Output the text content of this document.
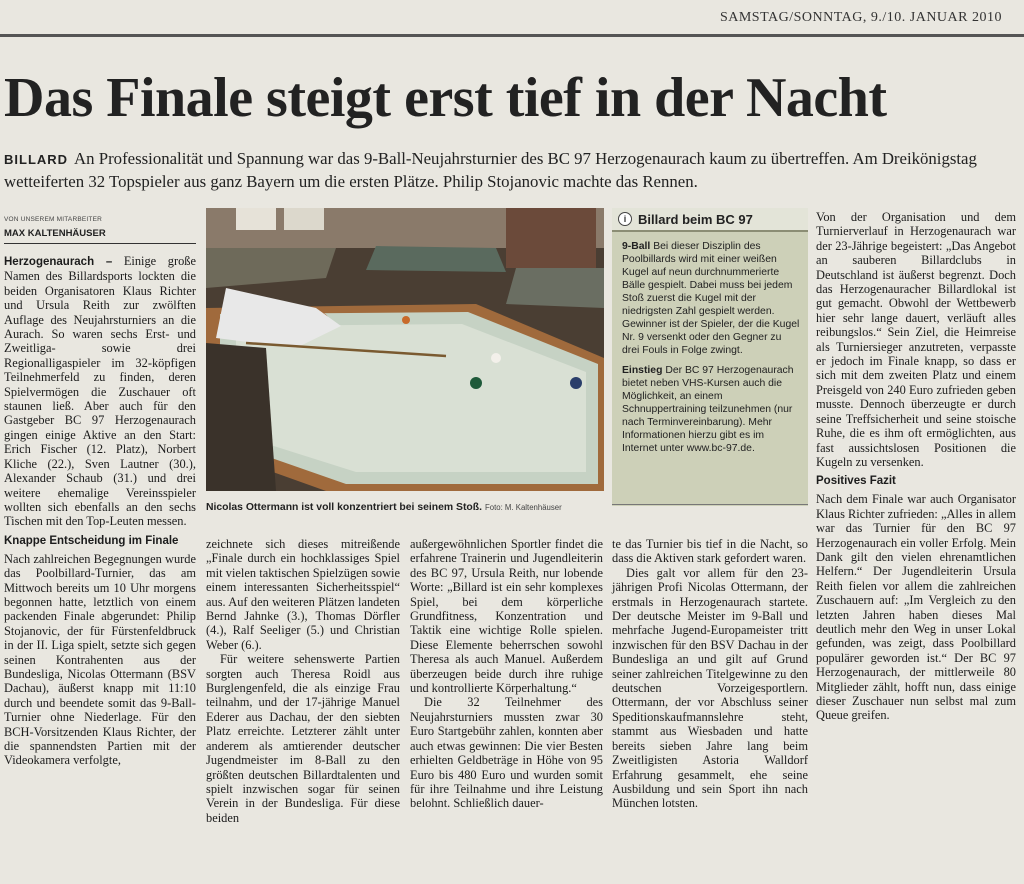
SAMSTAG/SONNTAG, 9./10. JANUAR 2010
Das Finale steigt erst tief in der Nacht
BILLARD An Professionalität und Spannung war das 9-Ball-Neujahrsturnier des BC 97 Herzogenaurach kaum zu übertreffen. Am Dreikönigstag wetteiferten 32 Topspieler aus ganz Bayern um die ersten Plätze. Philip Stojanovic machte das Rennen.
VON UNSEREM MITARBEITER
MAX KALTENHÄUSER

Herzogenaurach – Einige große Namen des Billardsports lockten die beiden Organisatoren Klaus Richter und Ursula Reith zur zwölften Auflage des Neujahrsturniers an die Aurach. So waren sechs Erst- und Zweitliga- sowie drei Regionalligaspieler im 32-köpfigen Teilnehmerfeld zu finden, deren Spielvermögen die Zuschauer oft staunen ließ. Aber auch für den Gastgeber BC 97 Herzogenaurach gingen einige Aktive an den Start: Erich Fischer (12. Platz), Norbert Kliche (22.), Sven Lautner (30.), Alexander Schaub (31.) und drei weitere ehemalige Vereinsspieler wollten sich ebenfalls an den sechs Tischen mit den Top-Leuten messen.

Knappe Entscheidung im Finale

Nach zahlreichen Begegnungen wurde das Poolbillard-Turnier, das am Mittwoch bereits um 10 Uhr morgens begonnen hatte, letztlich von einem packenden Finale abgerundet: Philip Stojanovic, der für Fürstenfeldbruck in der II. Liga spielt, setzte sich gegen seinen Kontrahenten aus der Bundesliga, Nicolas Ottermann (BSV Dachau), äußerst knapp mit 11:10 durch und beendete somit das 9-Ball-Turnier ohne Niederlage. Für den BCH-Vorsitzenden Klaus Richter, der die spannendsten Partien mit der Videokamera verfolgte,

Nicolas Ottermann ist voll konzentriert bei seinem Stoß. Foto: M. Kaltenhäuser
i Billard beim BC 97

9-Ball Bei dieser Disziplin des Poolbillards wird mit einer weißen Kugel auf neun durchnummerierte Bälle gespielt. Dabei muss bei jedem Stoß zuerst die Kugel mit der niedrigsten Zahl gespielt werden. Gewinner ist der Spieler, der die Kugel Nr. 9 versenkt oder den Gegner zu drei Fouls in Folge zwingt.

Einstieg Der BC 97 Herzogenaurach bietet neben VHS-Kursen auch die Möglichkeit, an einem Schnuppertraining teilzunehmen (nur nach Terminvereinbarung). Mehr Informationen hierzu gibt es im Internet unter www.bc-97.de.

zeichnete sich dieses mitreißende „Finale durch ein hochklassiges Spiel mit vielen taktischen Spielzügen sowie einem interessanten Sicherheitsspiel“ aus. Auf den weiteren Plätzen landeten Bernd Jahnke (3.), Thomas Dörfler (4.), Ralf Seeliger (5.) und Christian Weber (6.).

Für weitere sehenswerte Partien sorgten auch Theresa Roidl aus Burglengenfeld, die als einzige Frau teilnahm, und der 17-jährige Manuel Ederer aus Dachau, der den siebten Platz erreichte. Letzterer zählt unter anderem als amtierender deutscher Jugendmeister im 8-Ball zu den größten deutschen Billardtalenten und spielt inzwischen sogar für seinen Verein in der Bundesliga. Für diese beiden

außergewöhnlichen Sportler findet die erfahrene Trainerin und Jugendleiterin des BC 97, Ursula Reith, nur lobende Worte: „Billard ist ein sehr komplexes Spiel, bei dem körperliche Grundfitness, Konzentration und Taktik eine wichtige Rolle spielen. Diese Elemente beherrschen sowohl Theresa als auch Manuel. Außerdem überzeugen beide durch ihre ruhige und kontrollierte Körperhaltung.“

Die 32 Teilnehmer des Neujahrsturniers mussten zwar 30 Euro Startgebühr zahlen, konnten aber auch etwas gewinnen: Die vier Besten erhielten Geldbeträge in Höhe von 95 Euro bis 480 Euro und wurden somit für ihre Teilnahme und ihre Leistung belohnt. Schließlich dauer-

te das Turnier bis tief in die Nacht, so dass die Aktiven stark gefordert waren.

Dies galt vor allem für den 23-jährigen Profi Nicolas Ottermann, der erstmals in Herzogenaurach startete. Der deutsche Meister im 9-Ball und mehrfache Jugend-Europameister tritt inzwischen für den BSV Dachau in der Bundesliga an und gilt auf Grund seiner zahlreichen Titelgewinne zu den deutschen Vorzeigesportlern. Ottermann, der vor Abschluss seiner Speditionskaufmannslehre steht, stammt aus Wiesbaden und hatte bereits sieben Jahre lang beim Zweitligisten Astoria Walldorf Erfahrung gesammelt, ehe seine Ausbildung und sein Sport ihn nach München lotsten.

Von der Organisation und dem Turnierverlauf in Herzogenaurach war der 23-Jährige begeistert: „Das Angebot an sauberen Billardclubs in Deutschland ist äußerst begrenzt. Doch das Herzogenauracher Billardlokal ist gut gemacht. Obwohl der Wettbewerb hier sehr lange dauert, verläuft alles reibungslos.“ Sein Ziel, die Heimreise als Turniersieger anzutreten, verpasste er jedoch im Finale knapp, so dass er sich mit dem zweiten Platz und einem Preisgeld von 240 Euro zufrieden geben musste. Dennoch überzeugte er durch seine Treffsicherheit und seine stoische Ruhe, die es ihm oft ermöglichten, aus fast aussichtslosen Positionen die Kugeln zu versenken.

Positives Fazit

Nach dem Finale war auch Organisator Klaus Richter zufrieden: „Alles in allem war das Turnier für den BC 97 Herzogenaurach ein voller Erfolg. Mein Dank gilt den vielen ehrenamtlichen Helfern.“ Der Jugendleiterin Ursula Reith fielen vor allem die zahlreichen Zuschauern auf: „Im Vergleich zu den letzten Jahren haben dieses Mal deutlich mehr den Weg in unser Lokal gefunden, was zeigt, dass Poolbillard populärer geworden ist.“ Der BC 97 Herzogenaurach, der mittlerweile 80 Mitglieder zählt, hofft nun, dass einige dieser Zuschauer nun selbst mal zum Queue greifen.
